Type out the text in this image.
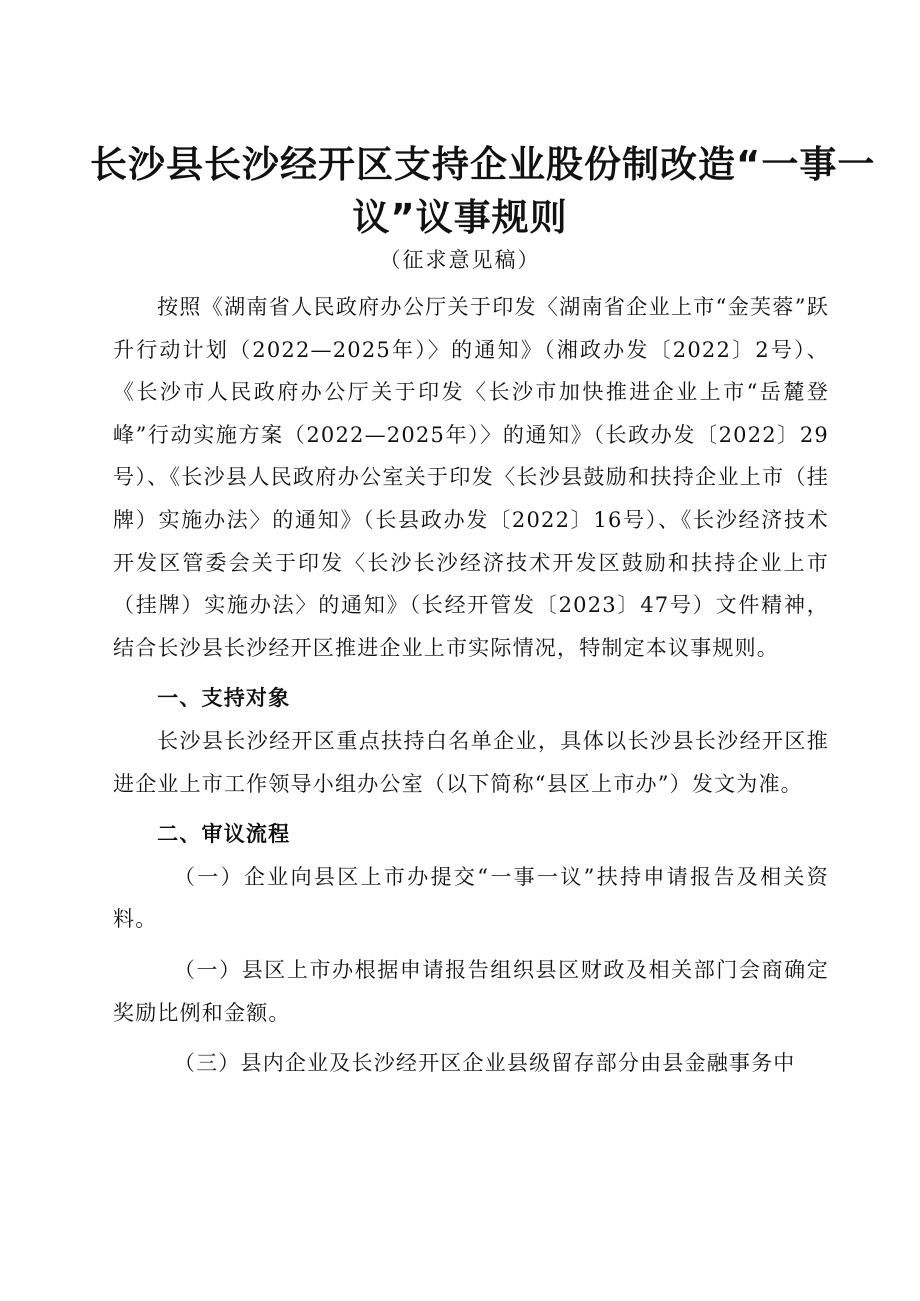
长沙县长沙经开区支持企业股份制改造“一事一
议”议事规则
（征求意见稿）

按照《湖南省人民政府办公厅关于印发〈湖南省企业上市“金芙蓉”跃升行动计划（2022—2025年）〉的通知》（湘政办发〔2022〕2号）、《长沙市人民政府办公厅关于印发〈长沙市加快推进企业上市“岳麓登峰”行动实施方案（2022—2025年）〉的通知》（长政办发〔2022〕29号）、《长沙县人民政府办公室关于印发〈长沙县鼓励和扶持企业上市（挂牌）实施办法〉的通知》（长县政办发〔2022〕16号）、《长沙经济技术开发区管委会关于印发〈长沙长沙经济技术开发区鼓励和扶持企业上市（挂牌）实施办法〉的通知》（长经开管发〔2023〕47号）文件精神，结合长沙县长沙经开区推进企业上市实际情况，特制定本议事规则。

一、支持对象

长沙县长沙经开区重点扶持白名单企业，具体以长沙县长沙经开区推进企业上市工作领导小组办公室（以下简称“县区上市办”）发文为准。

二、审议流程

（一）企业向县区上市办提交“一事一议”扶持申请报告及相关资料。

（一）县区上市办根据申请报告组织县区财政及相关部门会商确定奖励比例和金额。

（三）县内企业及长沙经开区企业县级留存部分由县金融事务中
